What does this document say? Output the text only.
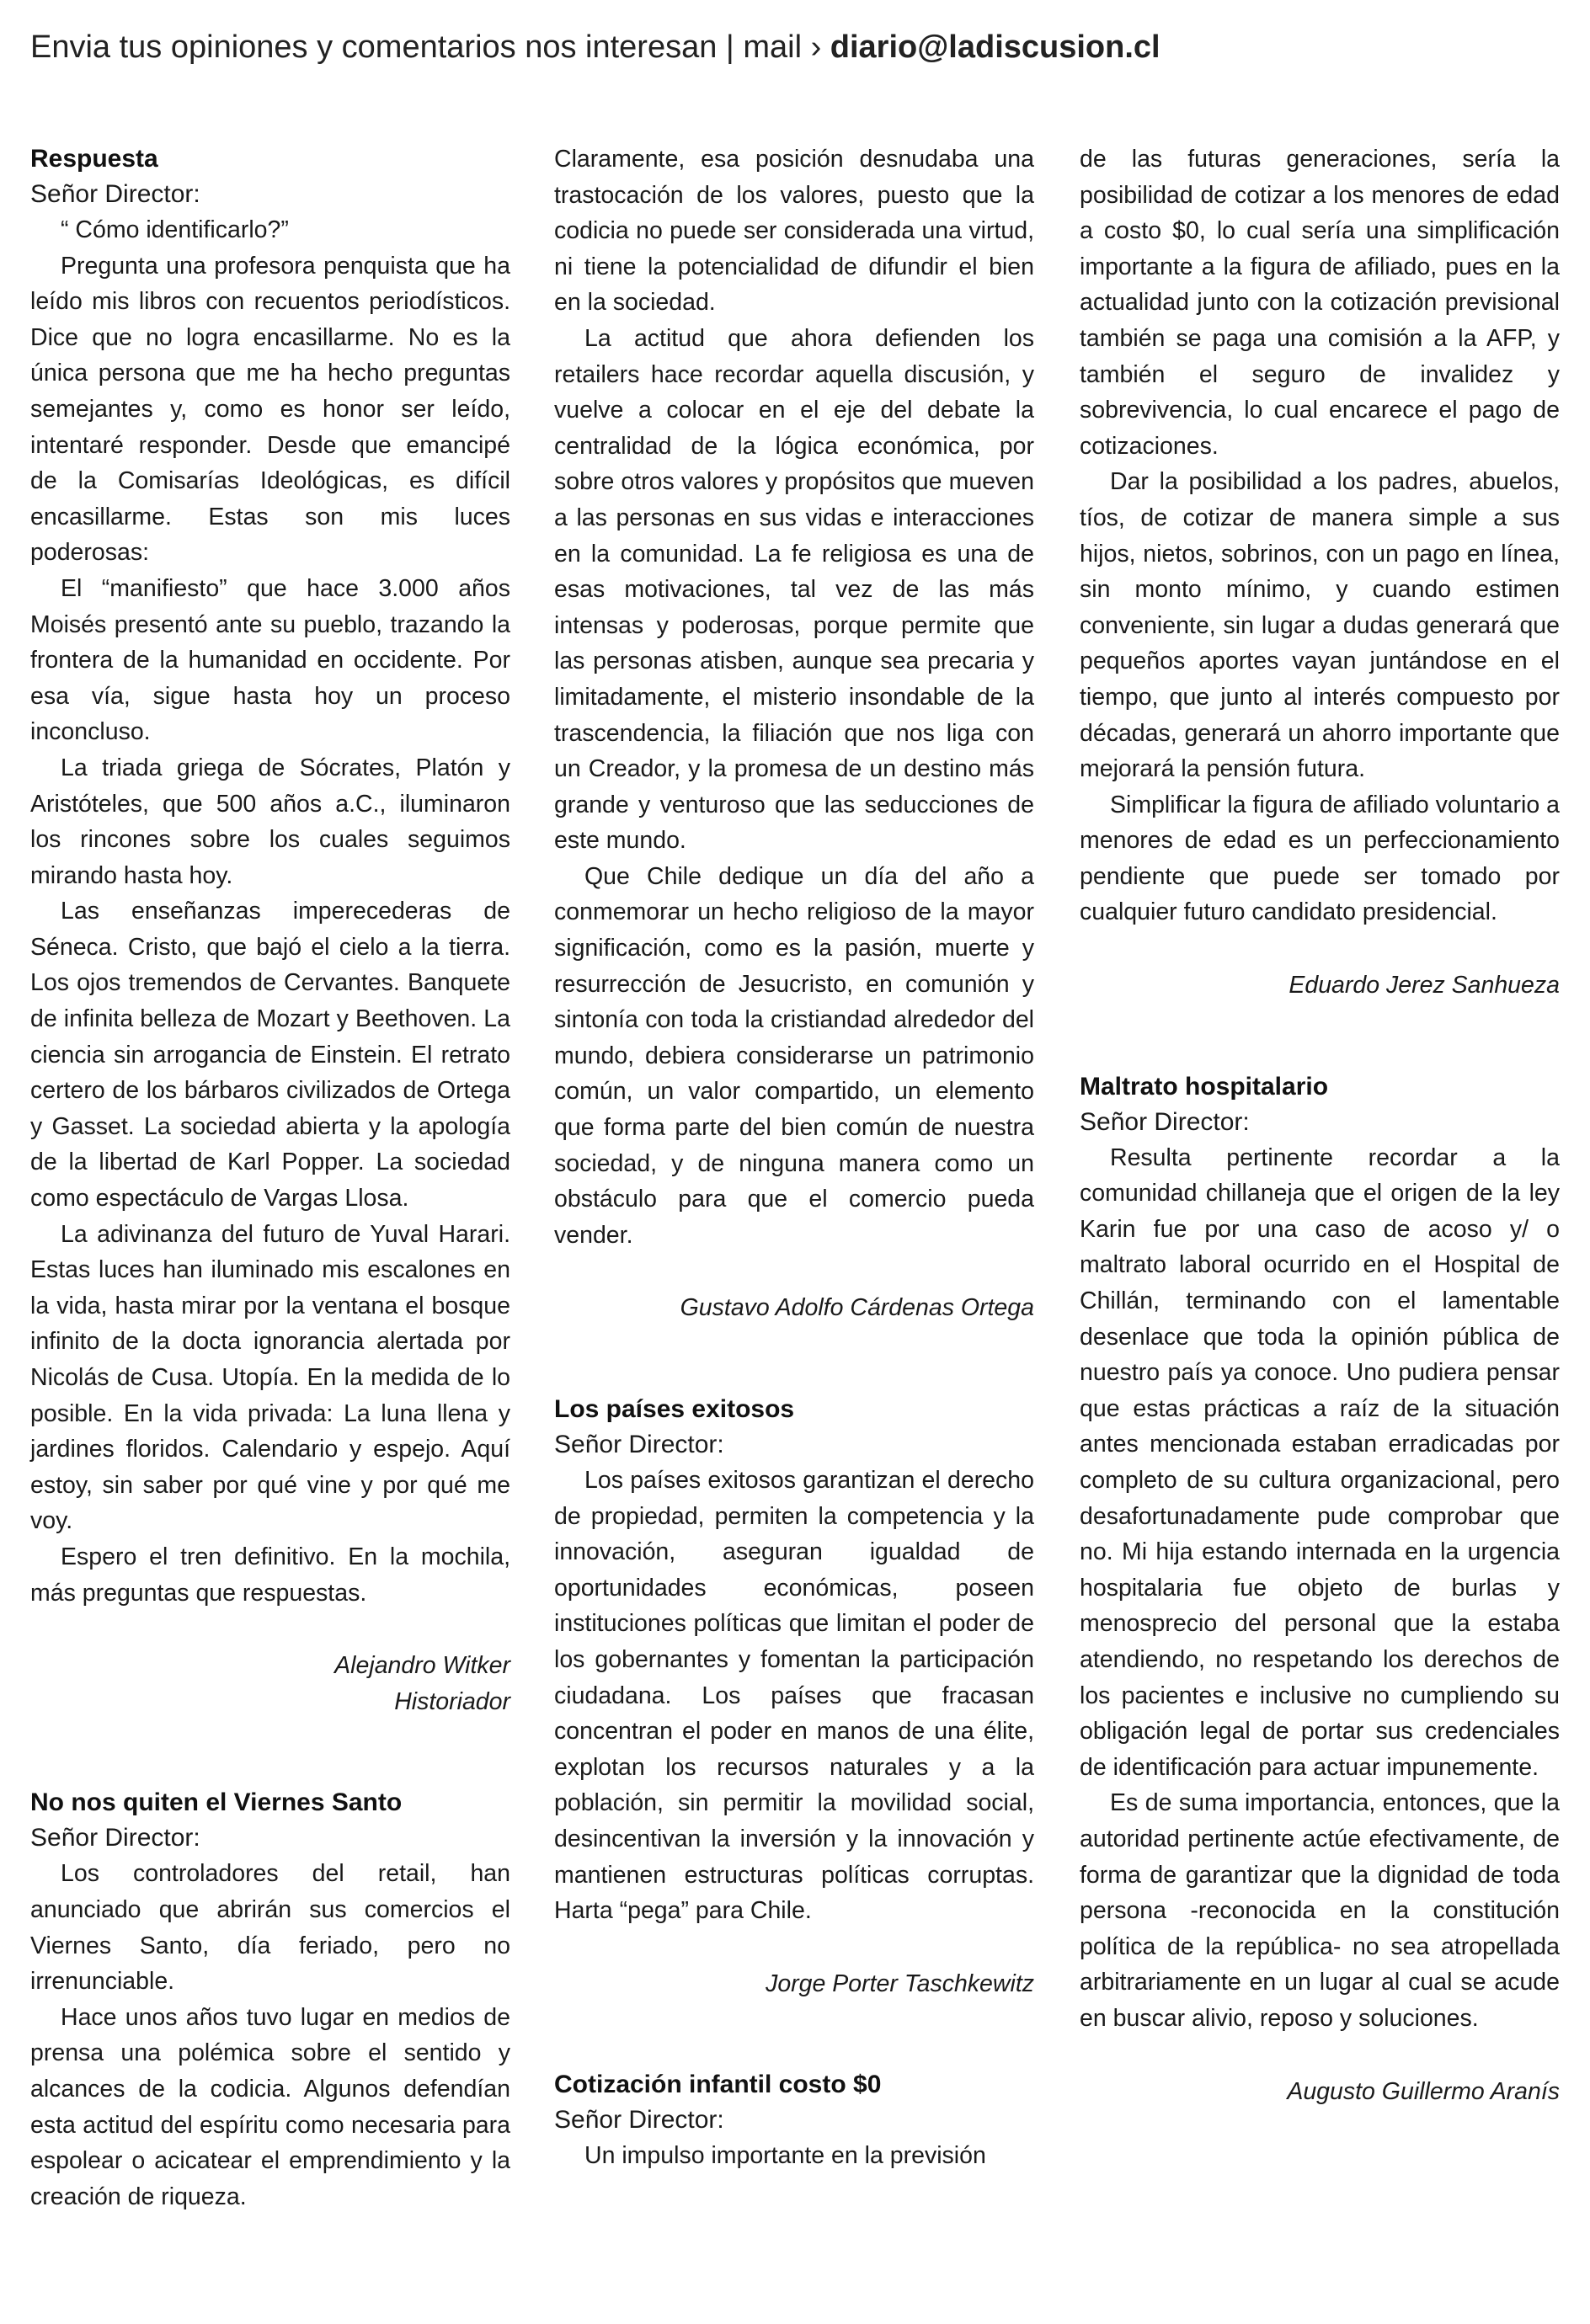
Envia tus opiniones y comentarios nos interesan | mail › diario@ladiscusion.cl
Respuesta
Señor Director:

“ Cómo identificarlo?”

Pregunta una profesora penquista que ha leído mis libros con recuentos periodísticos. Dice que no logra encasillarme. No es la única persona que me ha hecho preguntas semejantes y, como es honor ser leído, intentaré responder. Desde que emancipé de la Comisarías Ideológicas, es difícil encasillarme. Estas son mis luces poderosas:

El “manifiesto” que hace 3.000 años Moisés presentó ante su pueblo, trazando la frontera de la humanidad en occidente. Por esa vía, sigue hasta hoy un proceso inconcluso.

La triada griega de Sócrates, Platón y Aristóteles, que 500 años a.C., iluminaron los rincones sobre los cuales seguimos mirando hasta hoy.

Las enseñanzas imperecederas de Séneca. Cristo, que bajó el cielo a la tierra. Los ojos tremendos de Cervantes. Banquete de infinita belleza de Mozart y Beethoven. La ciencia sin arrogancia de Einstein. El retrato certero de los bárbaros civilizados de Ortega y Gasset. La sociedad abierta y la apología de la libertad de Karl Popper. La sociedad como espectáculo de Vargas Llosa.

La adivinanza del futuro de Yuval Harari. Estas luces han iluminado mis escalones en la vida, hasta mirar por la ventana el bosque infinito de la docta ignorancia alertada por Nicolás de Cusa. Utopía. En la medida de lo posible. En la vida privada: La luna llena y jardines floridos. Calendario y espejo. Aquí estoy, sin saber por qué vine y por qué me voy.

Espero el tren definitivo. En la mochila, más preguntas que respuestas.

Alejandro Witker
Historiador
No nos quiten el Viernes Santo
Señor Director:

Los controladores del retail, han anunciado que abrirán sus comercios el Viernes Santo, día feriado, pero no irrenunciable.

Hace unos años tuvo lugar en medios de prensa una polémica sobre el sentido y alcances de la codicia. Algunos defendían esta actitud del espíritu como necesaria para espolear o acicatear el emprendimiento y la creación de riqueza.

Claramente, esa posición desnudaba una trastocación de los valores, puesto que la codicia no puede ser considerada una virtud, ni tiene la potencialidad de difundir el bien en la sociedad.

La actitud que ahora defienden los retailers hace recordar aquella discusión, y vuelve a colocar en el eje del debate la centralidad de la lógica económica, por sobre otros valores y propósitos que mueven a las personas en sus vidas e interacciones en la comunidad. La fe religiosa es una de esas motivaciones, tal vez de las más intensas y poderosas, porque permite que las personas atisben, aunque sea precaria y limitadamente, el misterio insondable de la trascendencia, la filiación que nos liga con un Creador, y la promesa de un destino más grande y venturoso que las seducciones de este mundo.

Que Chile dedique un día del año a conmemorar un hecho religioso de la mayor significación, como es la pasión, muerte y resurrección de Jesucristo, en comunión y sintonía con toda la cristiandad alrededor del mundo, debiera considerarse un patrimonio común, un valor compartido, un elemento que forma parte del bien común de nuestra sociedad, y de ninguna manera como un obstáculo para que el comercio pueda vender.

Gustavo Adolfo Cárdenas Ortega
Los países exitosos
Señor Director:

Los países exitosos garantizan el derecho de propiedad, permiten la competencia y la innovación, aseguran igualdad de oportunidades económicas, poseen instituciones políticas que limitan el poder de los gobernantes y fomentan la participación ciudadana. Los países que fracasan concentran el poder en manos de una élite, explotan los recursos naturales y a la población, sin permitir la movilidad social, desincentivan la inversión y la innovación y mantienen estructuras políticas corruptas. Harta “pega” para Chile.

Jorge Porter Taschkewitz
Cotización infantil costo $0
Señor Director:

Un impulso importante en la previsión

de las futuras generaciones, sería la posibilidad de cotizar a los menores de edad a costo $0, lo cual sería una simplificación importante a la figura de afiliado, pues en la actualidad junto con la cotización previsional también se paga una comisión a la AFP, y también el seguro de invalidez y sobrevivencia, lo cual encarece el pago de cotizaciones.

Dar la posibilidad a los padres, abuelos, tíos, de cotizar de manera simple a sus hijos, nietos, sobrinos, con un pago en línea, sin monto mínimo, y cuando estimen conveniente, sin lugar a dudas generará que pequeños aportes vayan juntándose en el tiempo, que junto al interés compuesto por décadas, generará un ahorro importante que mejorará la pensión futura.

Simplificar la figura de afiliado voluntario a menores de edad es un perfeccionamiento pendiente que puede ser tomado por cualquier futuro candidato presidencial.

Eduardo Jerez Sanhueza
Maltrato hospitalario
Señor Director:

Resulta pertinente recordar a la comunidad chillaneja que el origen de la ley Karin fue por una caso de acoso y/ o maltrato laboral ocurrido en el Hospital de Chillán, terminando con el lamentable desenlace que toda la opinión pública de nuestro país ya conoce. Uno pudiera pensar que estas prácticas a raíz de la situación antes mencionada estaban erradicadas por completo de su cultura organizacional, pero desafortunadamente pude comprobar que no. Mi hija estando internada en la urgencia hospitalaria fue objeto de burlas y menosprecio del personal que la estaba atendiendo, no respetando los derechos de los pacientes e inclusive no cumpliendo su obligación legal de portar sus credenciales de identificación para actuar impunemente.

Es de suma importancia, entonces, que la autoridad pertinente actúe efectivamente, de forma de garantizar que la dignidad de toda persona -reconocida en la constitución política de la república- no sea atropellada arbitrariamente en un lugar al cual se acude en buscar alivio, reposo y soluciones.

Augusto Guillermo Aranís
